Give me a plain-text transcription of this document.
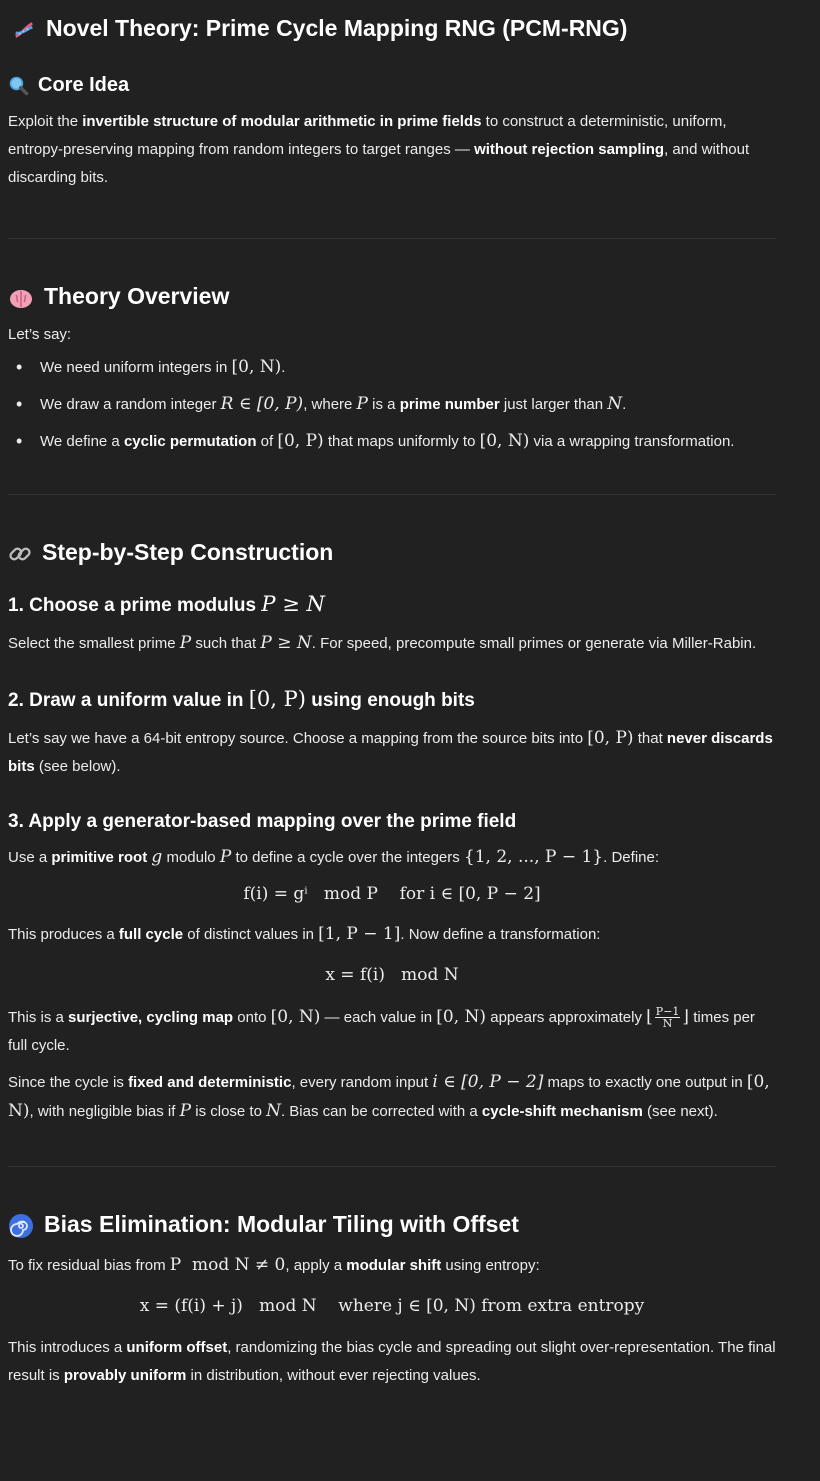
Novel Theory: Prime Cycle Mapping RNG (PCM-RNG)
Core Idea

Exploit the invertible structure of modular arithmetic in prime fields to construct a deterministic, uniform, entropy-preserving mapping from random integers to target ranges — without rejection sampling, and without discarding bits.

Theory Overview

Let’s say:

• We need uniform integers in [0, N).
• We draw a random integer R ∈ [0, P), where P is a prime number just larger than N.
• We define a cyclic permutation of [0, P) that maps uniformly to [0, N) via a wrapping transformation.
Step-by-Step Construction
1. Choose a prime modulus P ≥ N

Select the smallest prime P such that P ≥ N. For speed, precompute small primes or generate via Miller-Rabin.

2. Draw a uniform value in [0, P) using enough bits

Let’s say we have a 64-bit entropy source. Choose a mapping from the source bits into [0, P) that never discards bits (see below).

3. Apply a generator-based mapping over the prime field

Use a primitive root g modulo P to define a cycle over the integers {1, 2, ..., P − 1}. Define:

f(i) = gⁱ   mod P    for i ∈ [0, P − 2]

This produces a full cycle of distinct values in [1, P − 1]. Now define a transformation:

x = f(i)   mod N

This is a surjective, cycling map onto [0, N) — each value in [0, N) appears approximately ⌊ $\frac{P-1}{N}$ ⌋ times per full cycle.

Since the cycle is fixed and deterministic, every random input i ∈ [0, P − 2] maps to exactly one output in [0, N), with negligible bias if P is close to N. Bias can be corrected with a cycle-shift mechanism (see next).

Bias Elimination: Modular Tiling with Offset

To fix residual bias from P  mod N ≠ 0, apply a modular shift using entropy:

x = (f(i) + j)   mod N    where j ∈ [0, N) from extra entropy

This introduces a uniform offset, randomizing the bias cycle and spreading out slight over-representation. The final result is provably uniform in distribution, without ever rejecting values.
